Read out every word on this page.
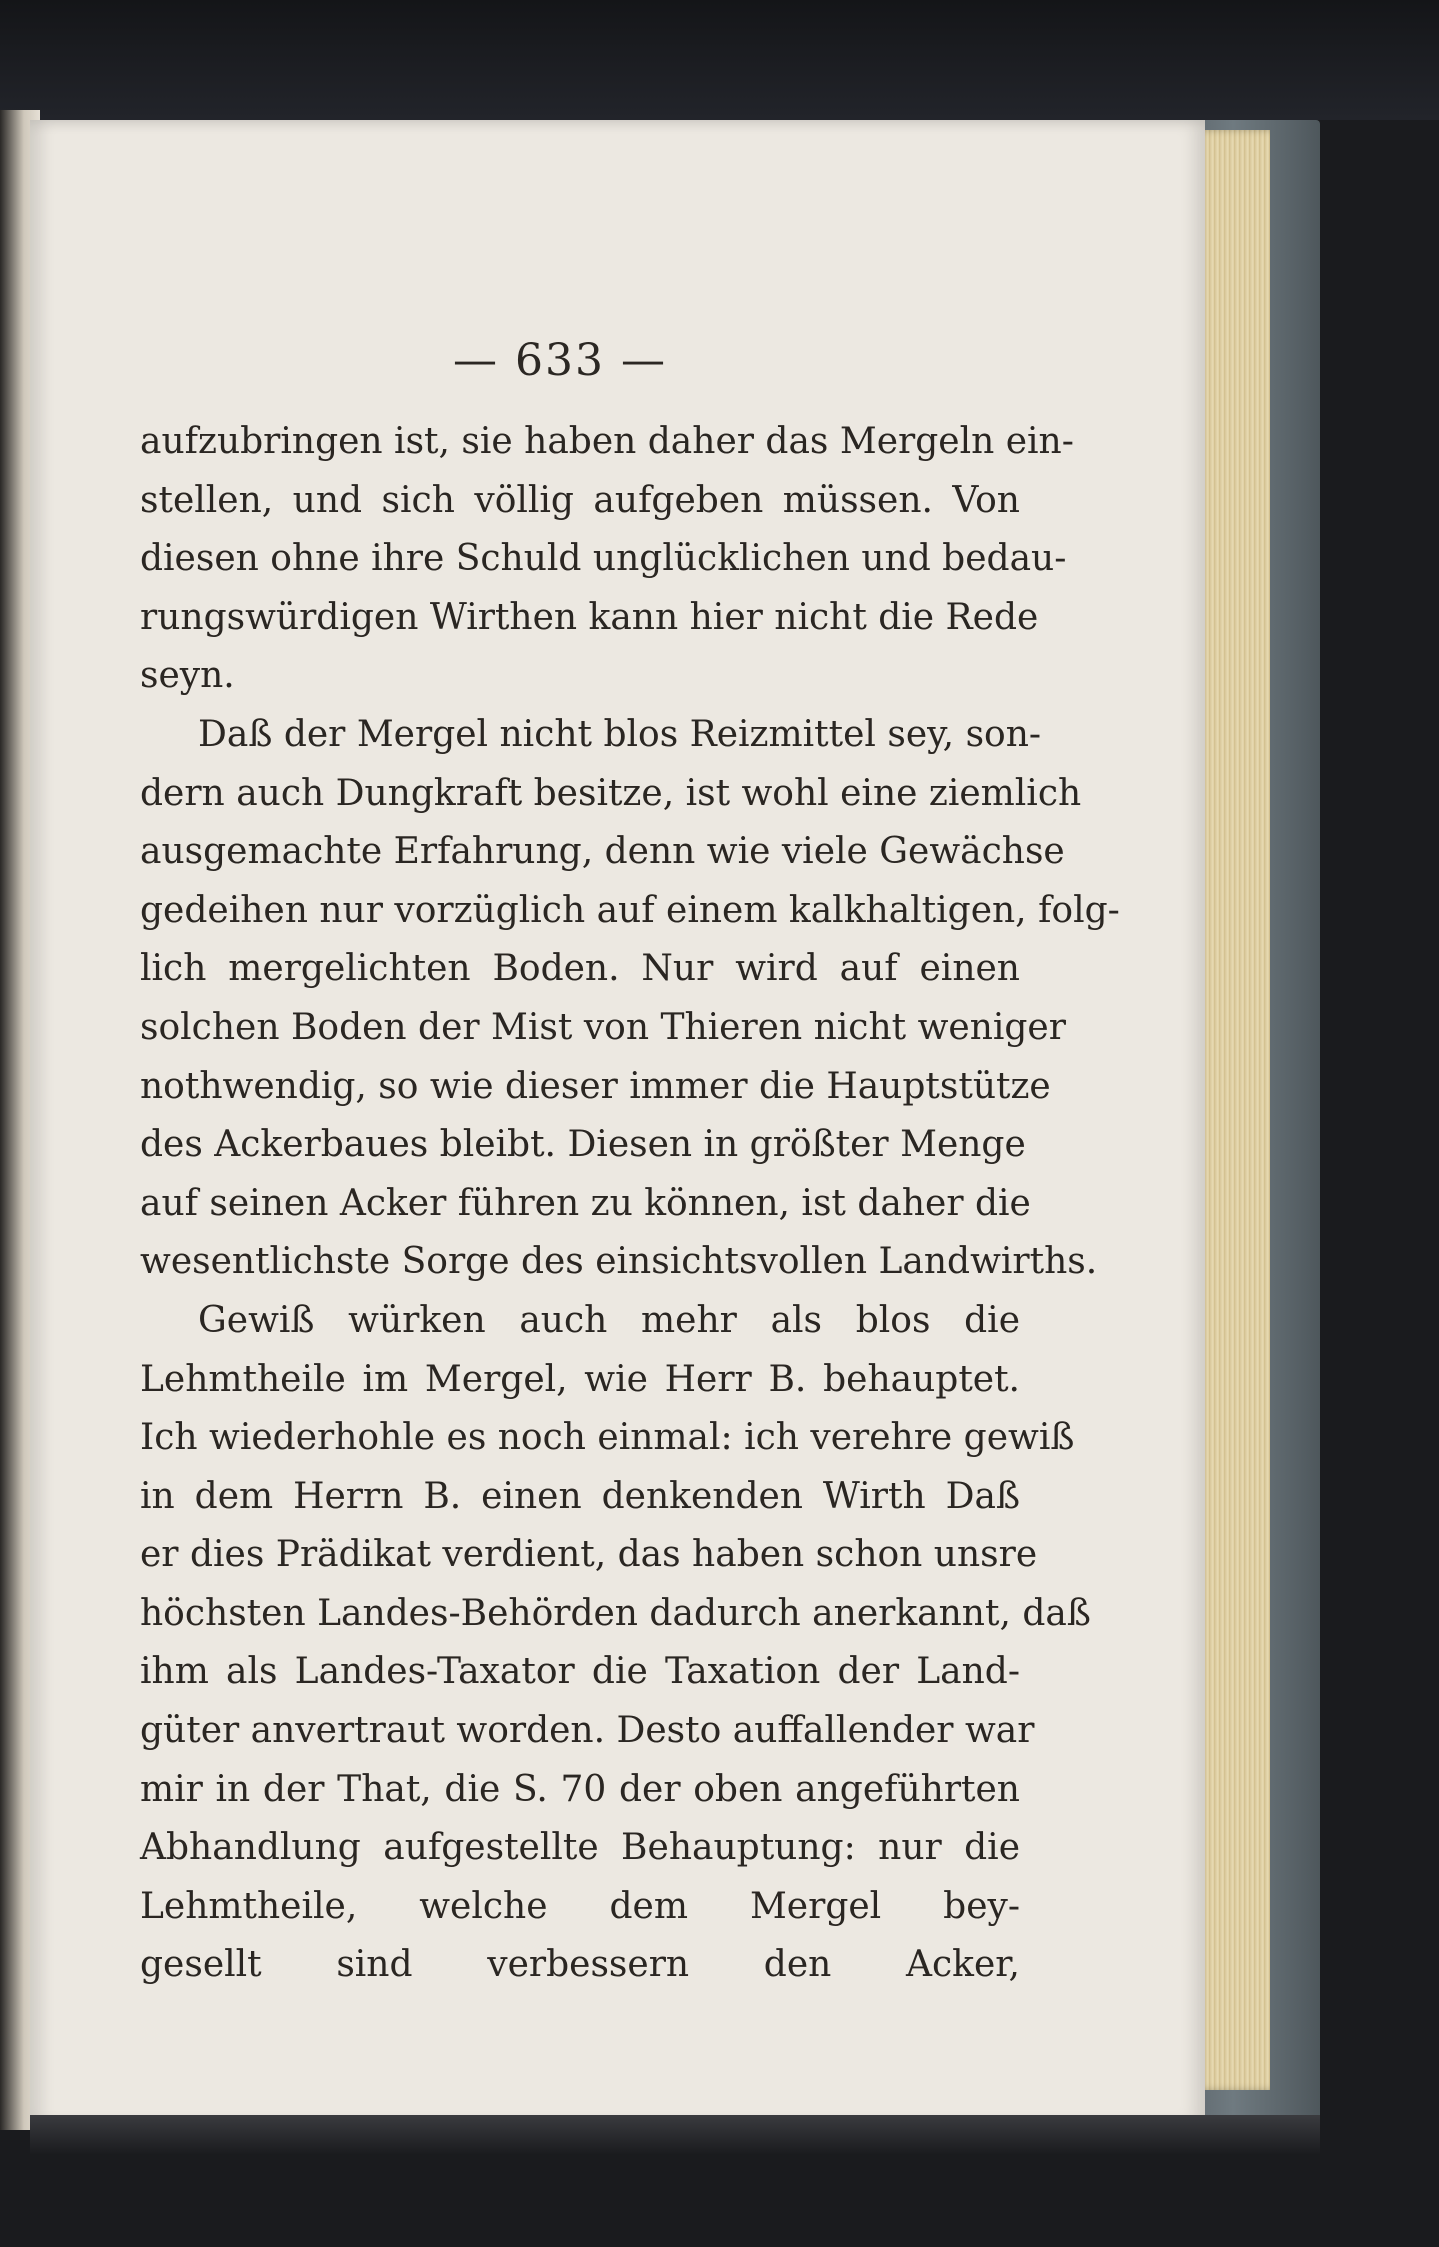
— 633 —
aufzubringen ist, sie haben daher das Mergeln ein-
stellen, und sich völlig aufgeben müssen. Von
diesen ohne ihre Schuld unglücklichen und bedau-
rungswürdigen Wirthen kann hier nicht die Rede
seyn.
Daß der Mergel nicht blos Reizmittel sey, son-
dern auch Dungkraft besitze, ist wohl eine ziemlich
ausgemachte Erfahrung, denn wie viele Gewächse
gedeihen nur vorzüglich auf einem kalkhaltigen, folg-
lich mergelichten Boden. Nur wird auf einen
solchen Boden der Mist von Thieren nicht weniger
nothwendig, so wie dieser immer die Hauptstütze
des Ackerbaues bleibt. Diesen in größter Menge
auf seinen Acker führen zu können, ist daher die
wesentlichste Sorge des einsichtsvollen Landwirths.
Gewiß würken auch mehr als blos die
Lehmtheile im Mergel, wie Herr B. behauptet.
Ich wiederhohle es noch einmal: ich verehre gewiß
in dem Herrn B. einen denkenden Wirth Daß
er dies Prädikat verdient, das haben schon unsre
höchsten Landes-Behörden dadurch anerkannt, daß
ihm als Landes-Taxator die Taxation der Land-
güter anvertraut worden. Desto auffallender war
mir in der That, die S. 70 der oben angeführten
Abhandlung aufgestellte Behauptung: nur die
Lehmtheile, welche dem Mergel bey-
gesellt sind verbessern den Acker,
